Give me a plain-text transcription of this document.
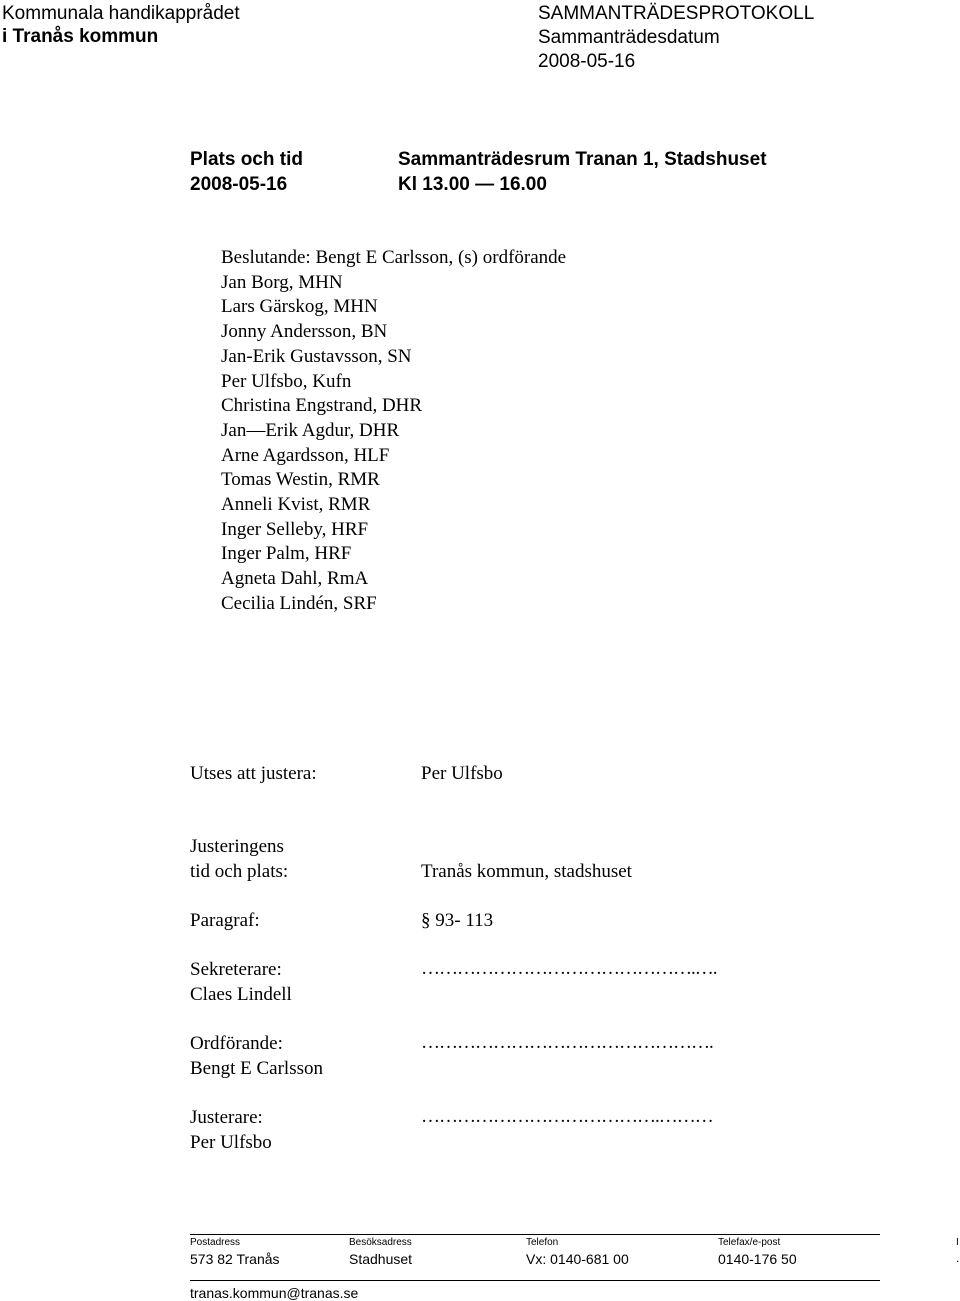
Kommunala handikapprådet
i Tranås kommun
SAMMANTRÄDESPROTOKOLL
Sammanträdesdatum
2008-05-16
Plats och tid	Sammanträdesrum Tranan 1, Stadshuset
2008-05-16	Kl 13.00 — 16.00
Beslutande: Bengt E Carlsson, (s) ordförande
Jan Borg, MHN
Lars Gärskog, MHN
Jonny Andersson, BN
Jan-Erik Gustavsson, SN
Per Ulfsbo, Kufn
Christina Engstrand, DHR
Jan—Erik Agdur, DHR
Arne Agardsson, HLF
Tomas Westin, RMR
Anneli Kvist, RMR
Inger Selleby, HRF
Inger Palm, HRF
Agneta Dahl, RmA
Cecilia Lindén, SRF
Utses att justera:	Per Ulfsbo
Justeringens
tid och plats:	Tranås kommun, stadshuset
Paragraf:	§ 93- 113
Sekreterare:
Claes Lindell
……………………………………….….
Ordförande:
Bengt E Carlsson
………………………………………….
Justerare:
Per Ulfsbo
………………………………….………
Postadress	Besöksadress	Telefon	Telefax/e-post	I
573 82 Tranås	Stadhuset	Vx: 0140-681 00	0140-176 50	.
tranas.kommun@tranas.se
